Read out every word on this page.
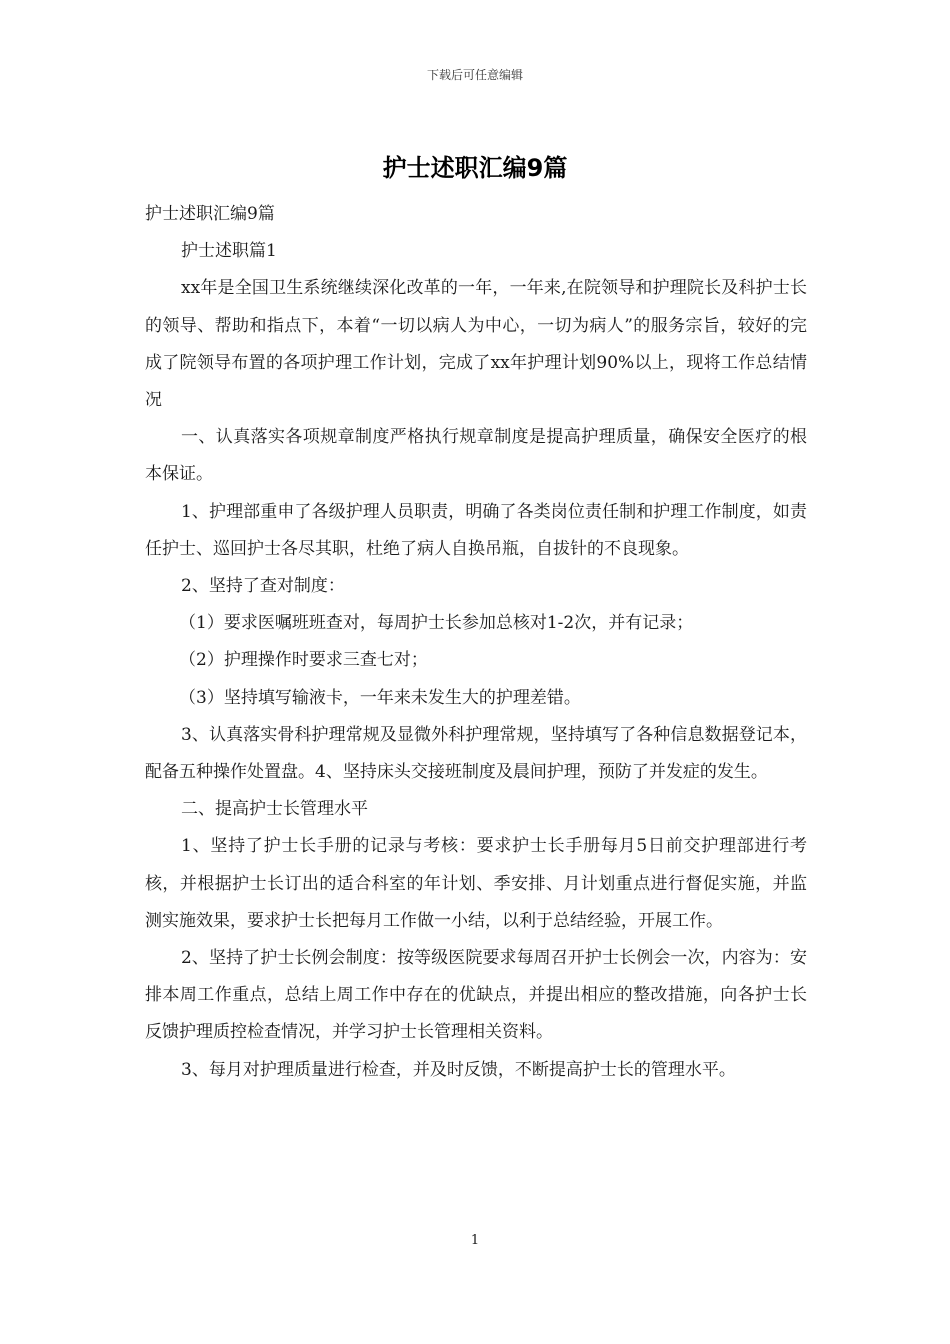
下载后可任意编辑
护士述职汇编9篇

护士述职汇编9篇

护士述职篇1

xx年是全国卫生系统继续深化改革的一年，一年来,在院领导和护理院长及科护士长的领导、帮助和指点下，本着“一切以病人为中心，一切为病人”的服务宗旨，较好的完成了院领导布置的各项护理工作计划，完成了xx年护理计划90%以上，现将工作总结情况

一、认真落实各项规章制度严格执行规章制度是提高护理质量，确保安全医疗的根本保证。

1、护理部重申了各级护理人员职责，明确了各类岗位责任制和护理工作制度，如责任护士、巡回护士各尽其职，杜绝了病人自换吊瓶，自拔针的不良现象。

2、坚持了查对制度：

（1）要求医嘱班班查对，每周护士长参加总核对1-2次，并有记录；

（2）护理操作时要求三查七对；

（3）坚持填写输液卡，一年来未发生大的护理差错。

3、认真落实骨科护理常规及显微外科护理常规，坚持填写了各种信息数据登记本，配备五种操作处置盘。4、坚持床头交接班制度及晨间护理，预防了并发症的发生。

二、提高护士长管理水平

1、坚持了护士长手册的记录与考核：要求护士长手册每月5日前交护理部进行考核，并根据护士长订出的适合科室的年计划、季安排、月计划重点进行督促实施，并监测实施效果，要求护士长把每月工作做一小结，以利于总结经验，开展工作。

2、坚持了护士长例会制度：按等级医院要求每周召开护士长例会一次，内容为：安排本周工作重点，总结上周工作中存在的优缺点，并提出相应的整改措施，向各护士长反馈护理质控检查情况，并学习护士长管理相关资料。

3、每月对护理质量进行检查，并及时反馈，不断提高护士长的管理水平。

1
